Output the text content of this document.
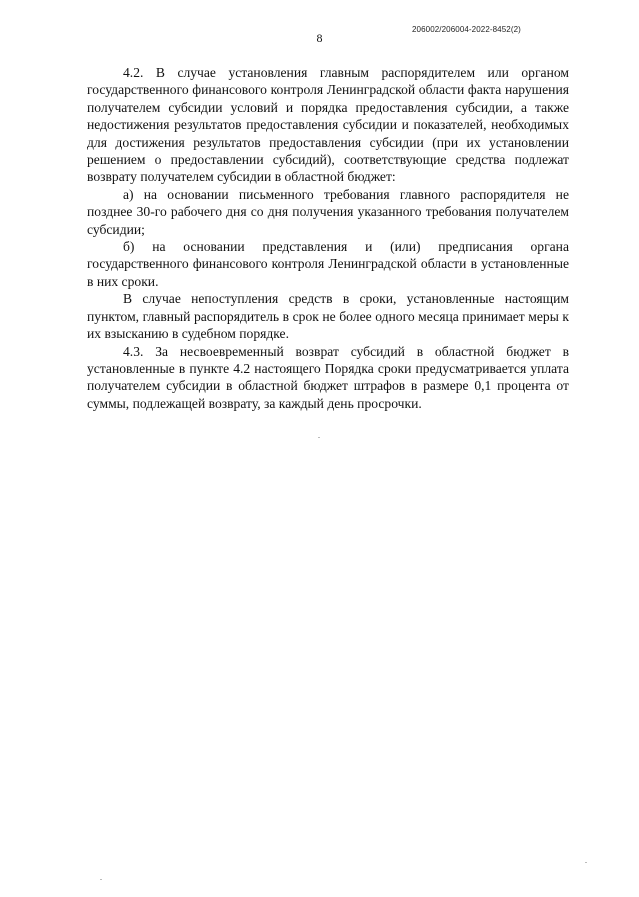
8
206002/206004-2022-8452(2)

4.2. В случае установления главным распорядителем или органом государственного финансового контроля Ленинградской области факта нарушения получателем субсидии условий и порядка предоставления субсидии, а также недостижения результатов предоставления субсидии и показателей, необходимых для достижения результатов предоставления субсидии (при их установлении решением о предоставлении субсидий), соответствующие средства подлежат возврату получателем субсидии в областной бюджет:

а) на основании письменного требования главного распорядителя не позднее 30-го рабочего дня со дня получения указанного требования получателем субсидии;

б) на основании представления и (или) предписания органа государственного финансового контроля Ленинградской области в установленные в них сроки.

В случае непоступления средств в сроки, установленные настоящим пунктом, главный распорядитель в срок не более одного месяца принимает меры к их взысканию в судебном порядке.

4.3. За несвоевременный возврат субсидий в областной бюджет в установленные в пункте 4.2 настоящего Порядка сроки предусматривается уплата получателем субсидии в областной бюджет штрафов в размере 0,1 процента от суммы, подлежащей возврату, за каждый день просрочки.
